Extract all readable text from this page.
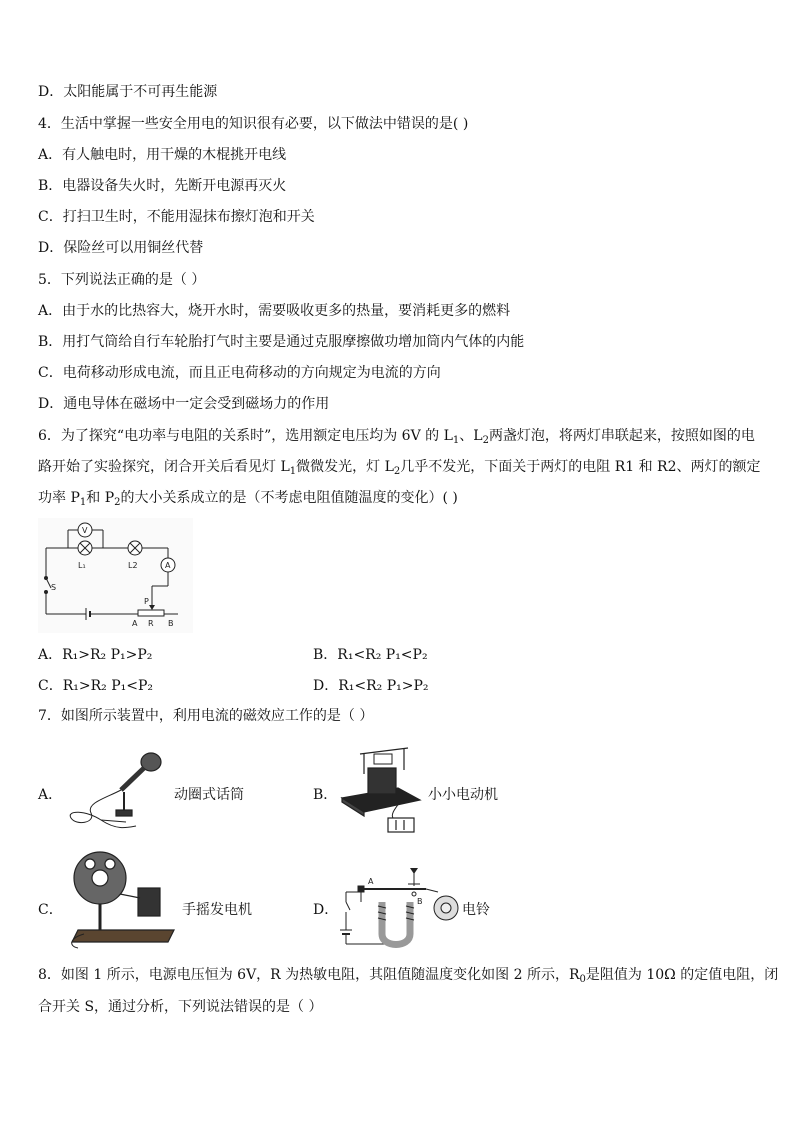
D．太阳能属于不可再生能源
4．生活中掌握一些安全用电的知识很有必要，以下做法中错误的是( )
A．有人触电时，用干燥的木棍挑开电线
B．电器设备失火时，先断开电源再灭火
C．打扫卫生时，不能用湿抹布擦灯泡和开关
D．保险丝可以用铜丝代替
5．下列说法正确的是（ ）
A．由于水的比热容大，烧开水时，需要吸收更多的热量，要消耗更多的燃料
B．用打气筒给自行车轮胎打气时主要是通过克服摩擦做功增加筒内气体的内能
C．电荷移动形成电流，而且正电荷移动的方向规定为电流的方向
D．通电导体在磁场中一定会受到磁场力的作用
6．为了探究“电功率与电阻的关系时”，选用额定电压均为 6V 的 $L_1$、$L_2$两盏灯泡，将两灯串联起来，按照如图的电
路开始了实验探究，闭合开关后看见灯 $L_1$微微发光，灯 $L_2$几乎不发光，下面关于两灯的电阻 R1 和 R2、两灯的额定
功率 $P_1$和 $P_2$的大小关系成立的是（不考虑电阻值随温度的变化）( )
V
L₁	L2	A
S
P
A R B
A．R₁>R₂ P₁>P₂	B．R₁<R₂ P₁<P₂
C．R₁>R₂ P₁<P₂	D．R₁<R₂ P₁>P₂
7．如图所示装置中，利用电流的磁效应工作的是（ ）
A．	动圈式话筒	B．	小小电动机
C．	手摇发电机	D．
A
B
电铃
8．如图 1 所示，电源电压恒为 6V，R 为热敏电阻，其阻值随温度变化如图 2 所示，$R_0$是阻值为 10Ω 的定值电阻，闭
合开关 S，通过分析，下列说法错误的是（ ）
